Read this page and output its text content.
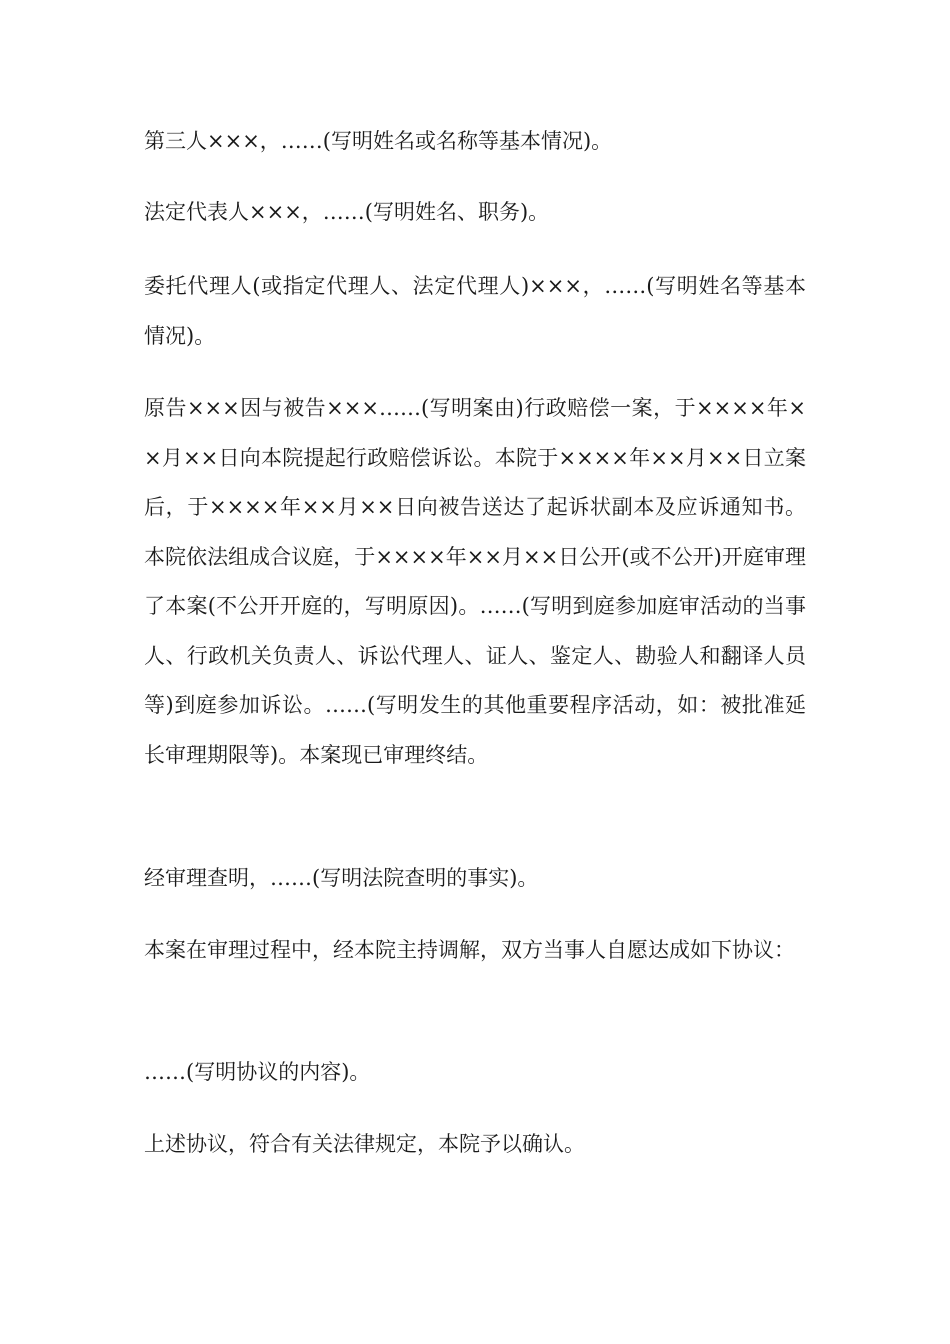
第三人×××，……(写明姓名或名称等基本情况)。

法定代表人×××，……(写明姓名、职务)。

委托代理人(或指定代理人、法定代理人)×××，……(写明姓名等基本情况)。

原告×××因与被告×××……(写明案由)行政赔偿一案，于××××年××月××日向本院提起行政赔偿诉讼。本院于××××年××月××日立案后，于××××年××月××日向被告送达了起诉状副本及应诉通知书。本院依法组成合议庭，于××××年××月××日公开(或不公开)开庭审理了本案(不公开开庭的，写明原因)。……(写明到庭参加庭审活动的当事人、行政机关负责人、诉讼代理人、证人、鉴定人、勘验人和翻译人员等)到庭参加诉讼。……(写明发生的其他重要程序活动，如：被批准延长审理期限等)。本案现已审理终结。

经审理查明，……(写明法院查明的事实)。

本案在审理过程中，经本院主持调解，双方当事人自愿达成如下协议：

……(写明协议的内容)。

上述协议，符合有关法律规定，本院予以确认。
